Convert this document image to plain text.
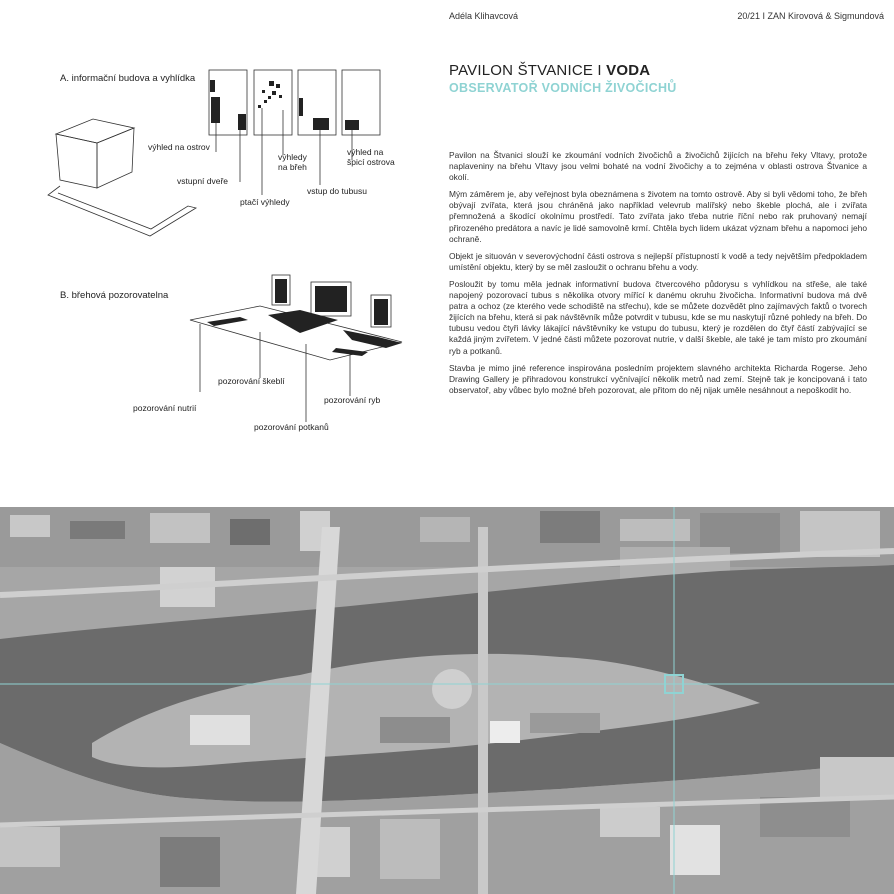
Adéla Klihavcová	20/21 I ZAN Kirovová & Sigmundová
A. informační budova a vyhlídka
výhled na ostrov
vstupní dveře
ptačí výhledy
výhledy
na břeh
vstup do tubusu
výhled na
špicí ostrova
B. břehová pozorovatelna
pozorování škeblí
pozorování ryb
pozorování nutrií
pozorování potkanů
PAVILON ŠTVANICE I VODA
OBSERVATOŘ VODNÍCH ŽIVOČICHŮ

Pavilon na Štvanici slouží ke zkoumání vodních živočichů a živočichů žijících na břehu řeky Vltavy, protože naplaveniny na břehu Vltavy jsou velmi bohaté na vodní živočichy a to zejména v oblasti ostrova Štvanice a okolí.

Mým záměrem je, aby veřejnost byla obeznámena s životem na tomto ostrově. Aby si byli vědomi toho, že břeh obývají zvířata, která jsou chráněná jako například velevrub malířský nebo škeble plochá, ale i zvířata přemnožená a škodící okolnímu prostředí. Tato zvířata jako třeba nutrie říční nebo rak pruhovaný nemají přirozeného predátora a navíc je lidé samovolně krmí. Chtěla bych lidem ukázat význam břehu a napomoci jeho ochraně.

Objekt je situován v severovýchodní části ostrova s nejlepší přístupností k vodě a tedy největším předpokladem umístění objektu, který by se měl zasloužit o ochranu břehu a vody.

Posloužit by tomu měla jednak informativní budova čtvercového půdorysu s vyhlídkou na střeše, ale také napojený pozorovací tubus s několika otvory mířící k danému okruhu živočicha. Informativní budova má dvě patra a ochoz (ze kterého vede schodiště na střechu), kde se můžete dozvědět plno zajímavých faktů o tvorech žijících na břehu, která si pak návštěvník může potvrdit v tubusu, kde se mu naskytují různé pohledy na břeh. Do tubusu vedou čtyři lávky lákající návštěvníky ke vstupu do tubusu, který je rozdělen do čtyř částí zabývající se každá jiným zvířetem. V jedné části můžete pozorovat nutrie, v další škeble, ale také je tam místo pro zkoumání ryb a potkanů.

Stavba je mimo jiné reference inspirována posledním projektem slavného architekta Richarda Rogerse. Jeho Drawing Gallery je přihradovou konstrukcí vyčnívající několik metrů nad zemí. Stejně tak je koncipovaná i tato observatoř, aby vůbec bylo možné břeh pozorovat, ale přitom do něj nijak uměle nesáhnout a nepoškodit ho.
